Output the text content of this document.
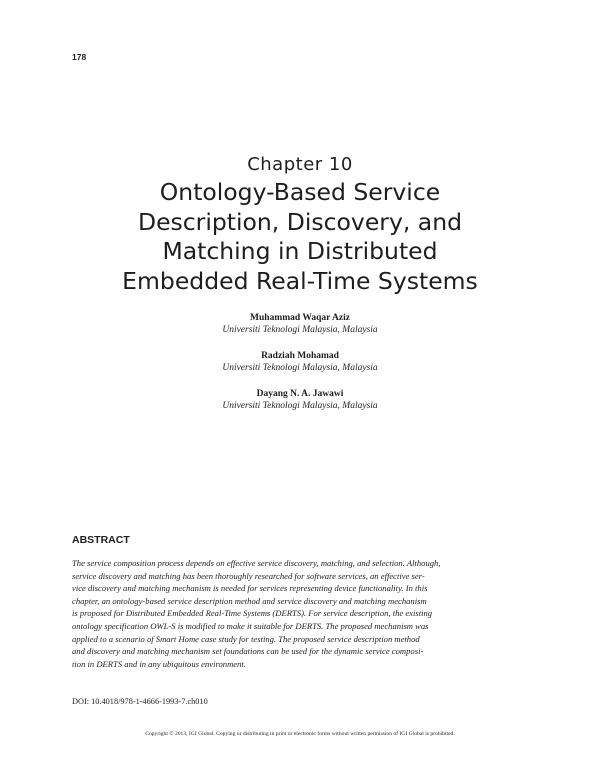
178
Chapter 10
Ontology-Based Service
Description, Discovery, and
Matching in Distributed
Embedded Real-Time Systems
Muhammad Waqar Aziz
Universiti Teknologi Malaysia, Malaysia
Radziah Mohamad
Universiti Teknologi Malaysia, Malaysia
Dayang N. A. Jawawi
Universiti Teknologi Malaysia, Malaysia
ABSTRACT
The service composition process depends on effective service discovery, matching, and selection. Although,
service discovery and matching has been thoroughly researched for software services, an effective ser-
vice discovery and matching mechanism is needed for services representing device functionality. In this
chapter, an ontology-based service description method and service discovery and matching mechanism
is proposed for Distributed Embedded Real-Time Systems (DERTS). For service description, the existing
ontology specification OWL-S is modified to make it suitable for DERTS. The proposed mechanism was
applied to a scenario of Smart Home case study for testing. The proposed service description method
and discovery and matching mechanism set foundations can be used for the dynamic service composi-
tion in DERTS and in any ubiquitous environment.
DOI: 10.4018/978-1-4666-1993-7.ch010
Copyright © 2013, IGI Global. Copying or distributing in print or electronic forms without written permission of IGI Global is prohibited.
